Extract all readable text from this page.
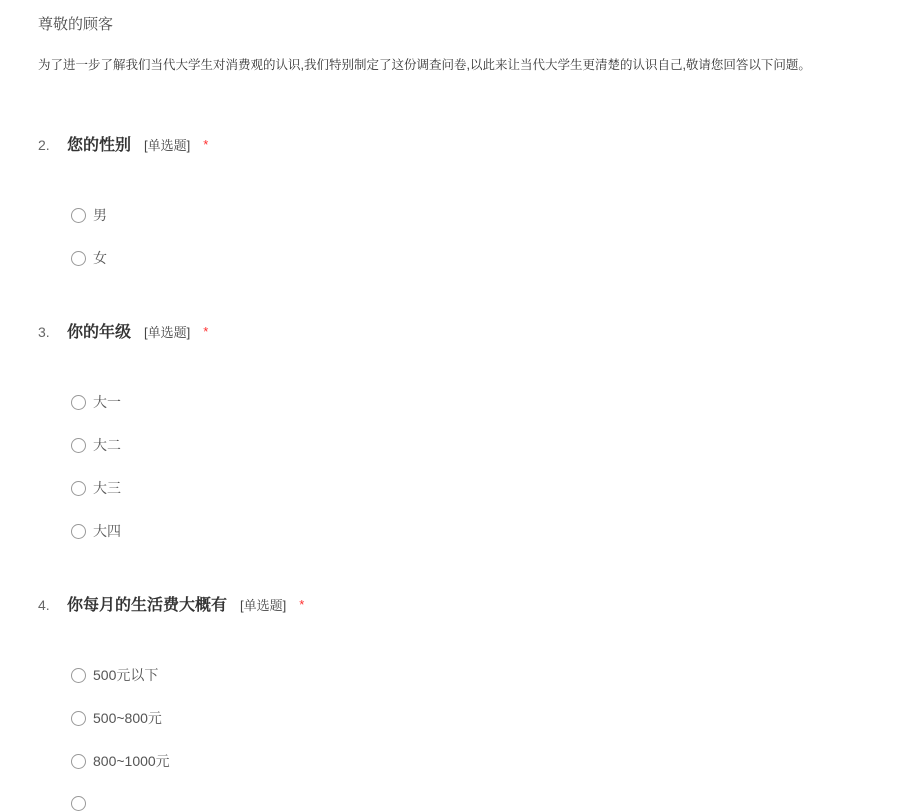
尊敬的顾客

为了进一步了解我们当代大学生对消费观的认识,我们特别制定了这份调查问卷,以此来让当代大学生更清楚的认识自己,敬请您回答以下问题。

2.	您的性别 [单选题] *
男
女
3.	你的年级 [单选题] *
大一
大二
大三
大四
4.	你每月的生活费大概有 [单选题] *
500元以下
500~800元
800~1000元
